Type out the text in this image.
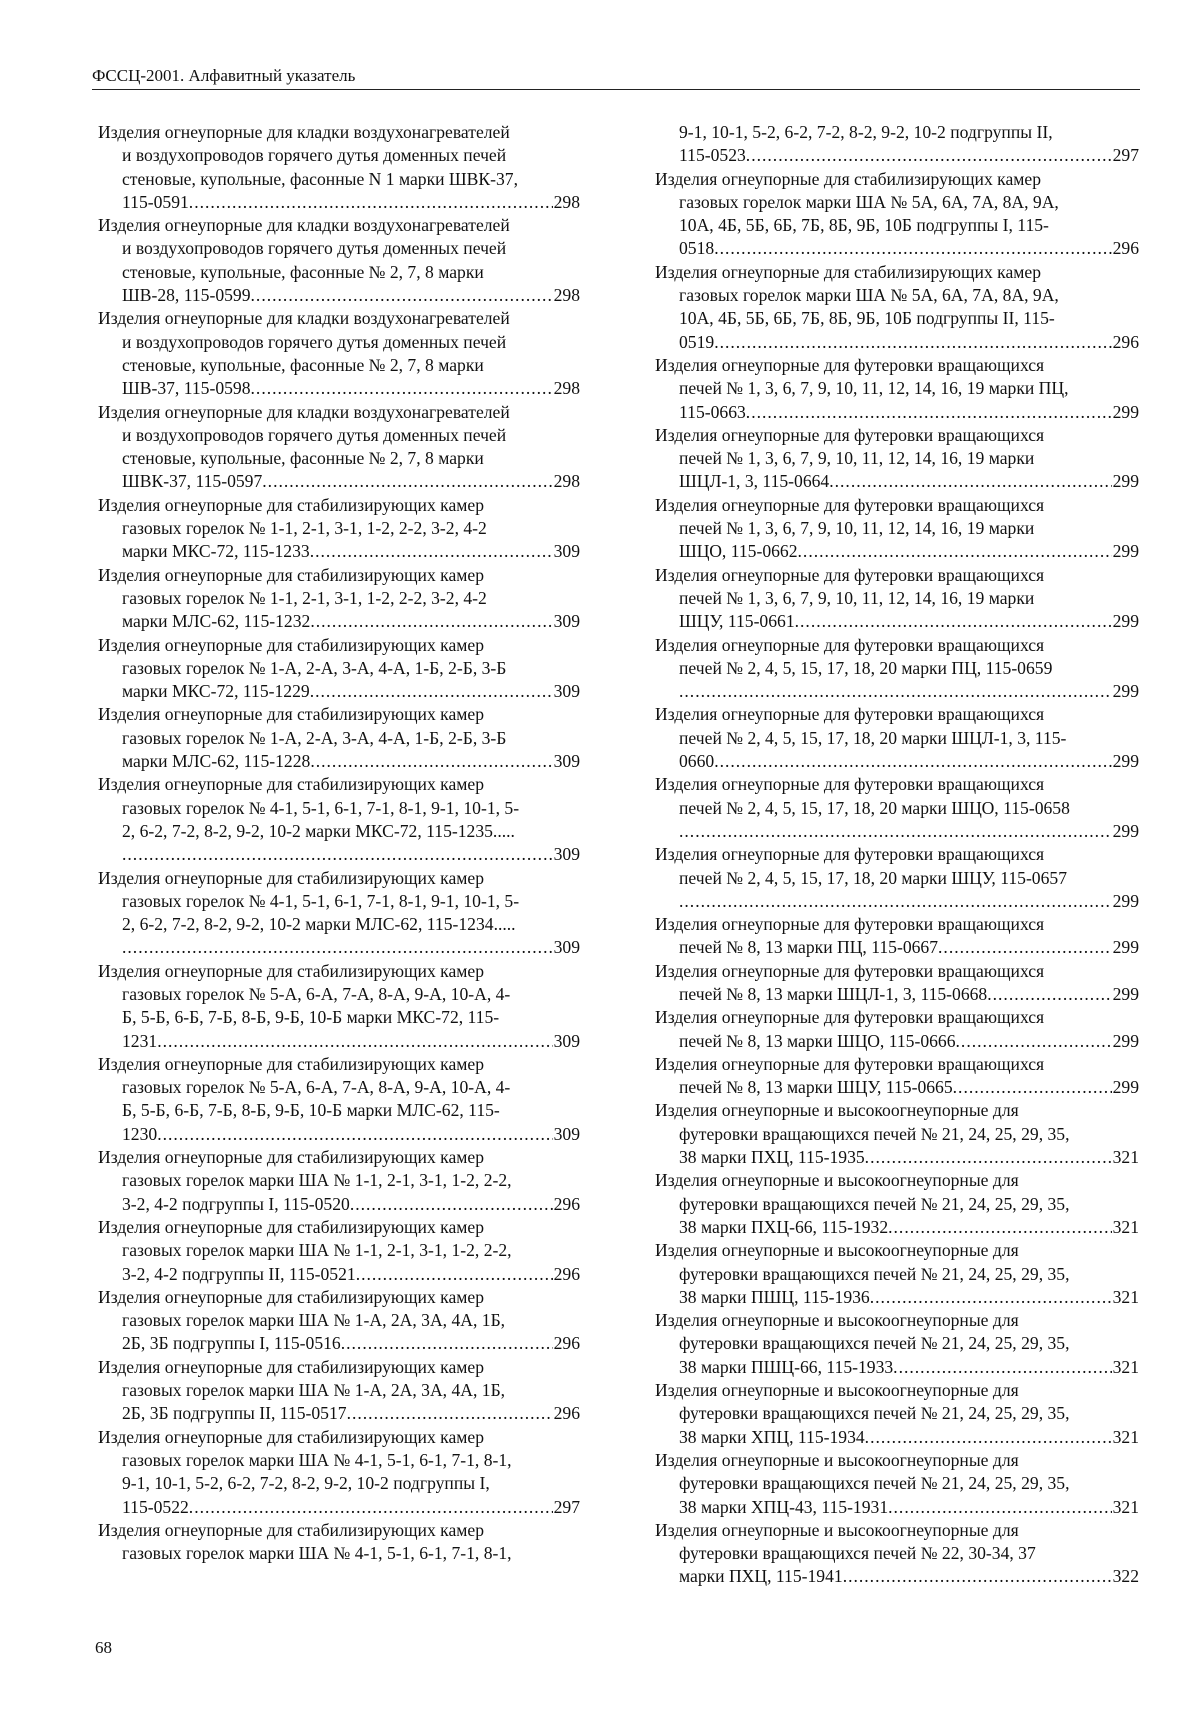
ФССЦ-2001. Алфавитный указатель
Изделия огнеупорные для кладки воздухонагревателей
и воздухопроводов горячего дутья доменных печей
стеновые, купольные, фасонные N 1 марки ШВК-37,
115-0591 .....	298
Изделия огнеупорные для кладки воздухонагревателей
и воздухопроводов горячего дутья доменных печей
стеновые, купольные, фасонные № 2, 7, 8 марки
ШВ-28, 115-0599 .....	298
Изделия огнеупорные для кладки воздухонагревателей
и воздухопроводов горячего дутья доменных печей
стеновые, купольные, фасонные № 2, 7, 8 марки
ШВ-37, 115-0598 .....	298
Изделия огнеупорные для кладки воздухонагревателей
и воздухопроводов горячего дутья доменных печей
стеновые, купольные, фасонные № 2, 7, 8 марки
ШВК-37, 115-0597 .....	298
Изделия огнеупорные для стабилизирующих камер
газовых горелок № 1-1, 2-1, 3-1, 1-2, 2-2, 3-2, 4-2
марки МКС-72, 115-1233 .....	309
Изделия огнеупорные для стабилизирующих камер
газовых горелок № 1-1, 2-1, 3-1, 1-2, 2-2, 3-2, 4-2
марки МЛС-62, 115-1232 .....	309
Изделия огнеупорные для стабилизирующих камер
газовых горелок № 1-А, 2-А, 3-А, 4-А, 1-Б, 2-Б, 3-Б
марки МКС-72, 115-1229 .....	309
Изделия огнеупорные для стабилизирующих камер
газовых горелок № 1-А, 2-А, 3-А, 4-А, 1-Б, 2-Б, 3-Б
марки МЛС-62, 115-1228 .....	309
Изделия огнеупорные для стабилизирующих камер
газовых горелок № 4-1, 5-1, 6-1, 7-1, 8-1, 9-1, 10-1, 5-
2, 6-2, 7-2, 8-2, 9-2, 10-2 марки МКС-72, 115-1235.....
.....
309
Изделия огнеупорные для стабилизирующих камер
газовых горелок № 4-1, 5-1, 6-1, 7-1, 8-1, 9-1, 10-1, 5-
2, 6-2, 7-2, 8-2, 9-2, 10-2 марки МЛС-62, 115-1234.....
.....
309
Изделия огнеупорные для стабилизирующих камер
газовых горелок № 5-А, 6-А, 7-А, 8-А, 9-А, 10-А, 4-
Б, 5-Б, 6-Б, 7-Б, 8-Б, 9-Б, 10-Б марки МКС-72, 115-
1231 .....	309
Изделия огнеупорные для стабилизирующих камер
газовых горелок № 5-А, 6-А, 7-А, 8-А, 9-А, 10-А, 4-
Б, 5-Б, 6-Б, 7-Б, 8-Б, 9-Б, 10-Б марки МЛС-62, 115-
1230 .....	309
Изделия огнеупорные для стабилизирующих камер
газовых горелок марки ША № 1-1, 2-1, 3-1, 1-2, 2-2,
3-2, 4-2 подгруппы I, 115-0520 .....	296
Изделия огнеупорные для стабилизирующих камер
газовых горелок марки ША № 1-1, 2-1, 3-1, 1-2, 2-2,
3-2, 4-2 подгруппы II, 115-0521 .....	296
Изделия огнеупорные для стабилизирующих камер
газовых горелок марки ША № 1-А, 2А, 3А, 4А, 1Б,
2Б, 3Б подгруппы I, 115-0516 .....	296
Изделия огнеупорные для стабилизирующих камер
газовых горелок марки ША № 1-А, 2А, 3А, 4А, 1Б,
2Б, 3Б подгруппы II, 115-0517 .....	296
Изделия огнеупорные для стабилизирующих камер
газовых горелок марки ША № 4-1, 5-1, 6-1, 7-1, 8-1,
9-1, 10-1, 5-2, 6-2, 7-2, 8-2, 9-2, 10-2 подгруппы I,
115-0522 .....	297
Изделия огнеупорные для стабилизирующих камер
газовых горелок марки ША № 4-1, 5-1, 6-1, 7-1, 8-1,
9-1, 10-1, 5-2, 6-2, 7-2, 8-2, 9-2, 10-2 подгруппы II,
115-0523 .....	297
Изделия огнеупорные для стабилизирующих камер
газовых горелок марки ША № 5А, 6А, 7А, 8А, 9А,
10А, 4Б, 5Б, 6Б, 7Б, 8Б, 9Б, 10Б подгруппы I, 115-
0518 .....	296
Изделия огнеупорные для стабилизирующих камер
газовых горелок марки ША № 5А, 6А, 7А, 8А, 9А,
10А, 4Б, 5Б, 6Б, 7Б, 8Б, 9Б, 10Б подгруппы II, 115-
0519 .....	296
Изделия огнеупорные для футеровки вращающихся
печей № 1, 3, 6, 7, 9, 10, 11, 12, 14, 16, 19 марки ПЦ,
115-0663 .....	299
Изделия огнеупорные для футеровки вращающихся
печей № 1, 3, 6, 7, 9, 10, 11, 12, 14, 16, 19 марки
ШЦЛ-1, 3, 115-0664 .....	299
Изделия огнеупорные для футеровки вращающихся
печей № 1, 3, 6, 7, 9, 10, 11, 12, 14, 16, 19 марки
ШЦО, 115-0662 .....	299
Изделия огнеупорные для футеровки вращающихся
печей № 1, 3, 6, 7, 9, 10, 11, 12, 14, 16, 19 марки
ШЦУ, 115-0661 .....	299
Изделия огнеупорные для футеровки вращающихся
печей № 2, 4, 5, 15, 17, 18, 20 марки ПЦ, 115-0659
.....
299
Изделия огнеупорные для футеровки вращающихся
печей № 2, 4, 5, 15, 17, 18, 20 марки ШЦЛ-1, 3, 115-
0660 .....	299
Изделия огнеупорные для футеровки вращающихся
печей № 2, 4, 5, 15, 17, 18, 20 марки ШЦО, 115-0658
.....
299
Изделия огнеупорные для футеровки вращающихся
печей № 2, 4, 5, 15, 17, 18, 20 марки ШЦУ, 115-0657
.....
299
Изделия огнеупорные для футеровки вращающихся
печей № 8, 13 марки ПЦ, 115-0667 .....	299
Изделия огнеупорные для футеровки вращающихся
печей № 8, 13 марки ШЦЛ-1, 3, 115-0668 .....	299
Изделия огнеупорные для футеровки вращающихся
печей № 8, 13 марки ШЦО, 115-0666 .....	299
Изделия огнеупорные для футеровки вращающихся
печей № 8, 13 марки ШЦУ, 115-0665 .....	299
Изделия огнеупорные и высокоогнеупорные для
футеровки вращающихся печей № 21, 24, 25, 29, 35,
38 марки ПХЦ, 115-1935 .....	321
Изделия огнеупорные и высокоогнеупорные для
футеровки вращающихся печей № 21, 24, 25, 29, 35,
38 марки ПХЦ-66, 115-1932 .....	321
Изделия огнеупорные и высокоогнеупорные для
футеровки вращающихся печей № 21, 24, 25, 29, 35,
38 марки ПШЦ, 115-1936 .....	321
Изделия огнеупорные и высокоогнеупорные для
футеровки вращающихся печей № 21, 24, 25, 29, 35,
38 марки ПШЦ-66, 115-1933 .....	321
Изделия огнеупорные и высокоогнеупорные для
футеровки вращающихся печей № 21, 24, 25, 29, 35,
38 марки ХПЦ, 115-1934 .....	321
Изделия огнеупорные и высокоогнеупорные для
футеровки вращающихся печей № 21, 24, 25, 29, 35,
38 марки ХПЦ-43, 115-1931 .....	321
Изделия огнеупорные и высокоогнеупорные для
футеровки вращающихся печей № 22, 30-34, 37
марки ПХЦ, 115-1941 .....	322
68
